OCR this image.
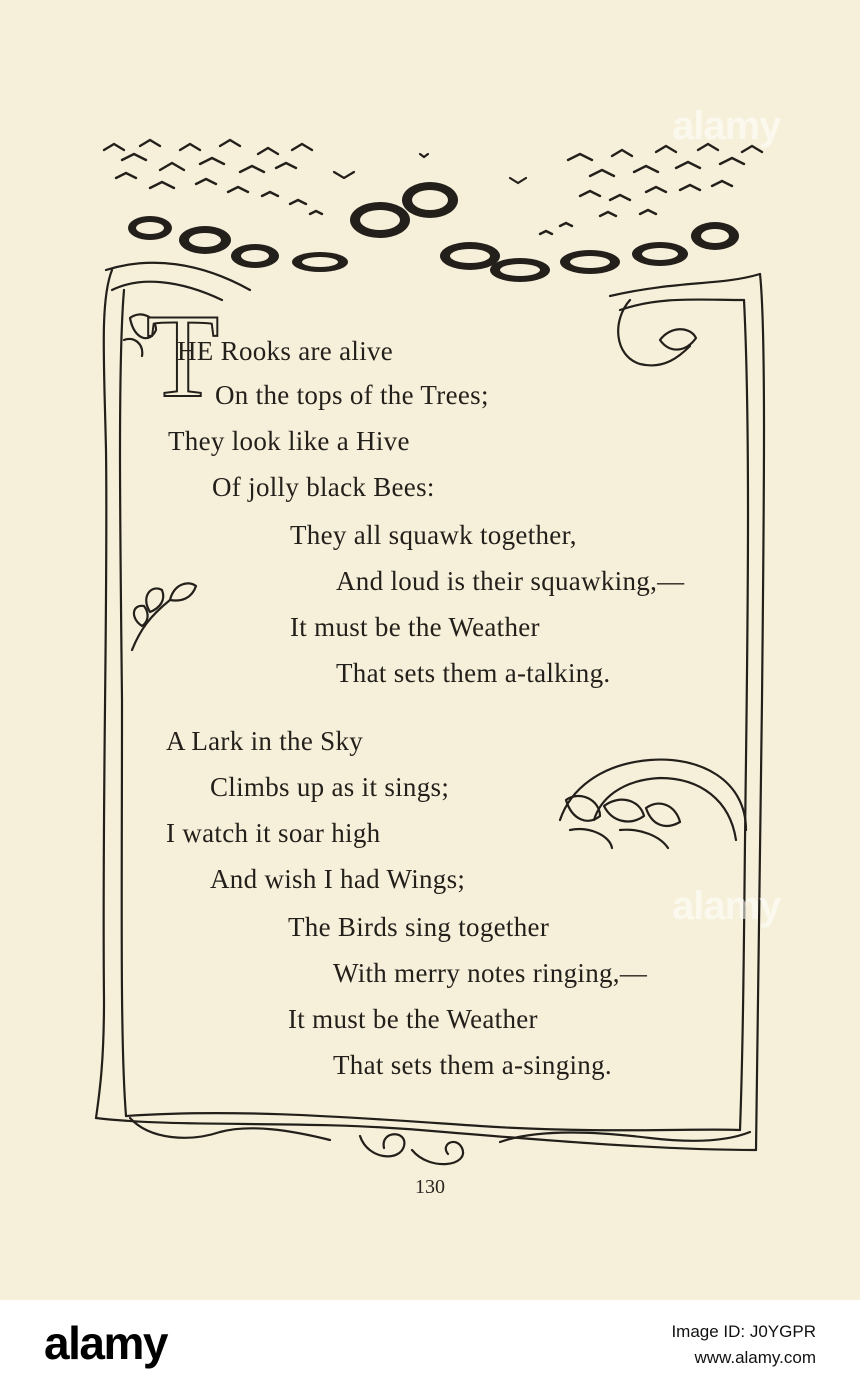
T
HE Rooks are alive
On the tops of the Trees;
They look like a Hive
Of jolly black Bees:
They all squawk together,
And loud is their squawking,—
It must be the Weather
That sets them a-talking.
A Lark in the Sky
Climbs up as it sings;
I watch it soar high
And wish I had Wings;
The Birds sing together
With merry notes ringing,—
It must be the Weather
That sets them a-singing.
130
alamy
alamy
alamy	Image ID: J0YGPR
www.alamy.com
